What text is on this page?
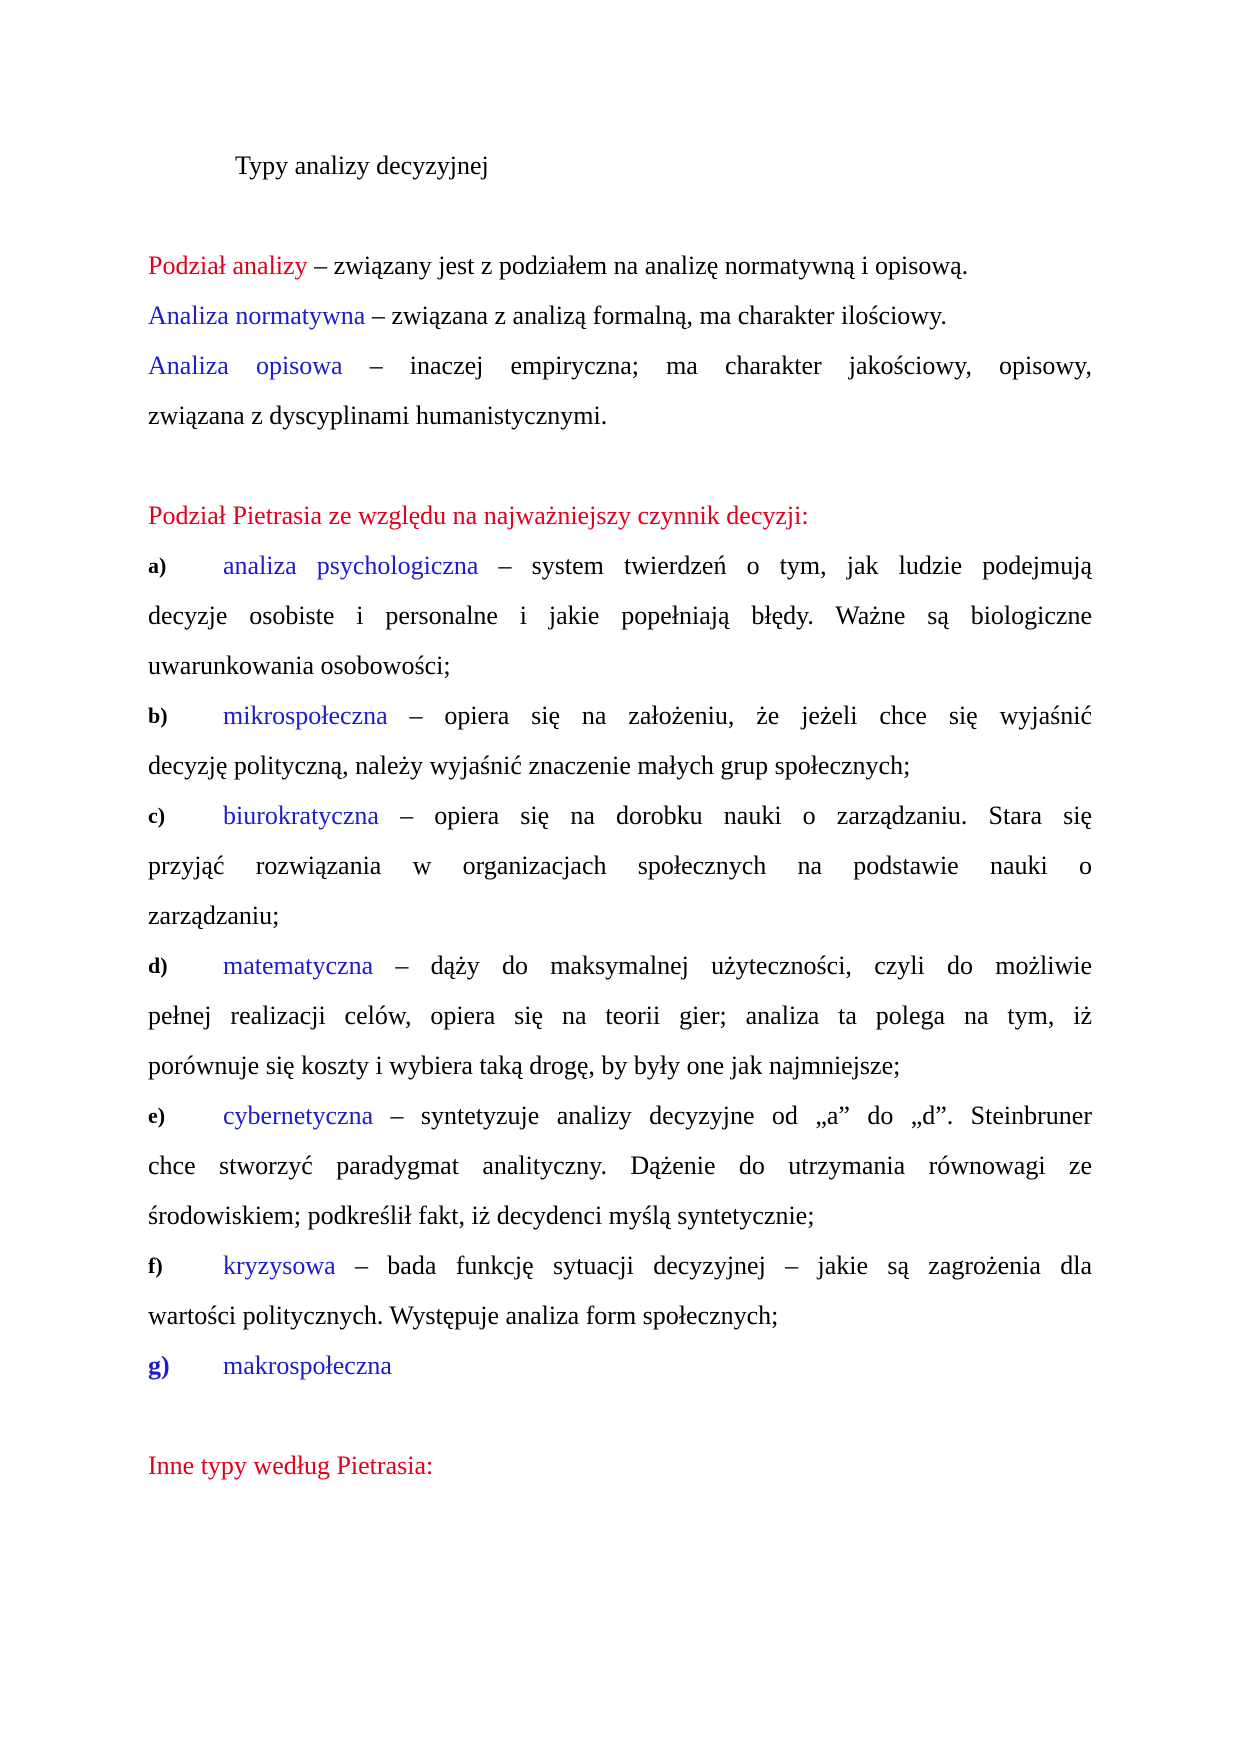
Typy analizy decyzyjnej
Podział analizy – związany jest z podziałem na analizę normatywną i opisową.
Analiza normatywna – związana z analizą formalną, ma charakter ilościowy.
Analiza opisowa – inaczej empiryczna; ma charakter jakościowy, opisowy,
związana z dyscyplinami humanistycznymi.
Podział Pietrasia ze względu na najważniejszy czynnik decyzji:
a) analiza psychologiczna – system twierdzeń o tym, jak ludzie podejmują
decyzje osobiste i personalne i jakie popełniają błędy. Ważne są biologiczne
uwarunkowania osobowości;
b) mikrospołeczna – opiera się na założeniu, że jeżeli chce się wyjaśnić
decyzję polityczną, należy wyjaśnić znaczenie małych grup społecznych;
c) biurokratyczna – opiera się na dorobku nauki o zarządzaniu. Stara się
przyjąć rozwiązania w organizacjach społecznych na podstawie nauki o
zarządzaniu;
d) matematyczna – dąży do maksymalnej użyteczności, czyli do możliwie
pełnej realizacji celów, opiera się na teorii gier; analiza ta polega na tym, iż
porównuje się koszty i wybiera taką drogę, by były one jak najmniejsze;
e) cybernetyczna – syntetyzuje analizy decyzyjne od „a” do „d”. Steinbruner
chce stworzyć paradygmat analityczny. Dążenie do utrzymania równowagi ze
środowiskiem; podkreślił fakt, iż decydenci myślą syntetycznie;
f) kryzysowa – bada funkcję sytuacji decyzyjnej – jakie są zagrożenia dla
wartości politycznych. Występuje analiza form społecznych;
g) makrospołeczna
Inne typy według Pietrasia:
